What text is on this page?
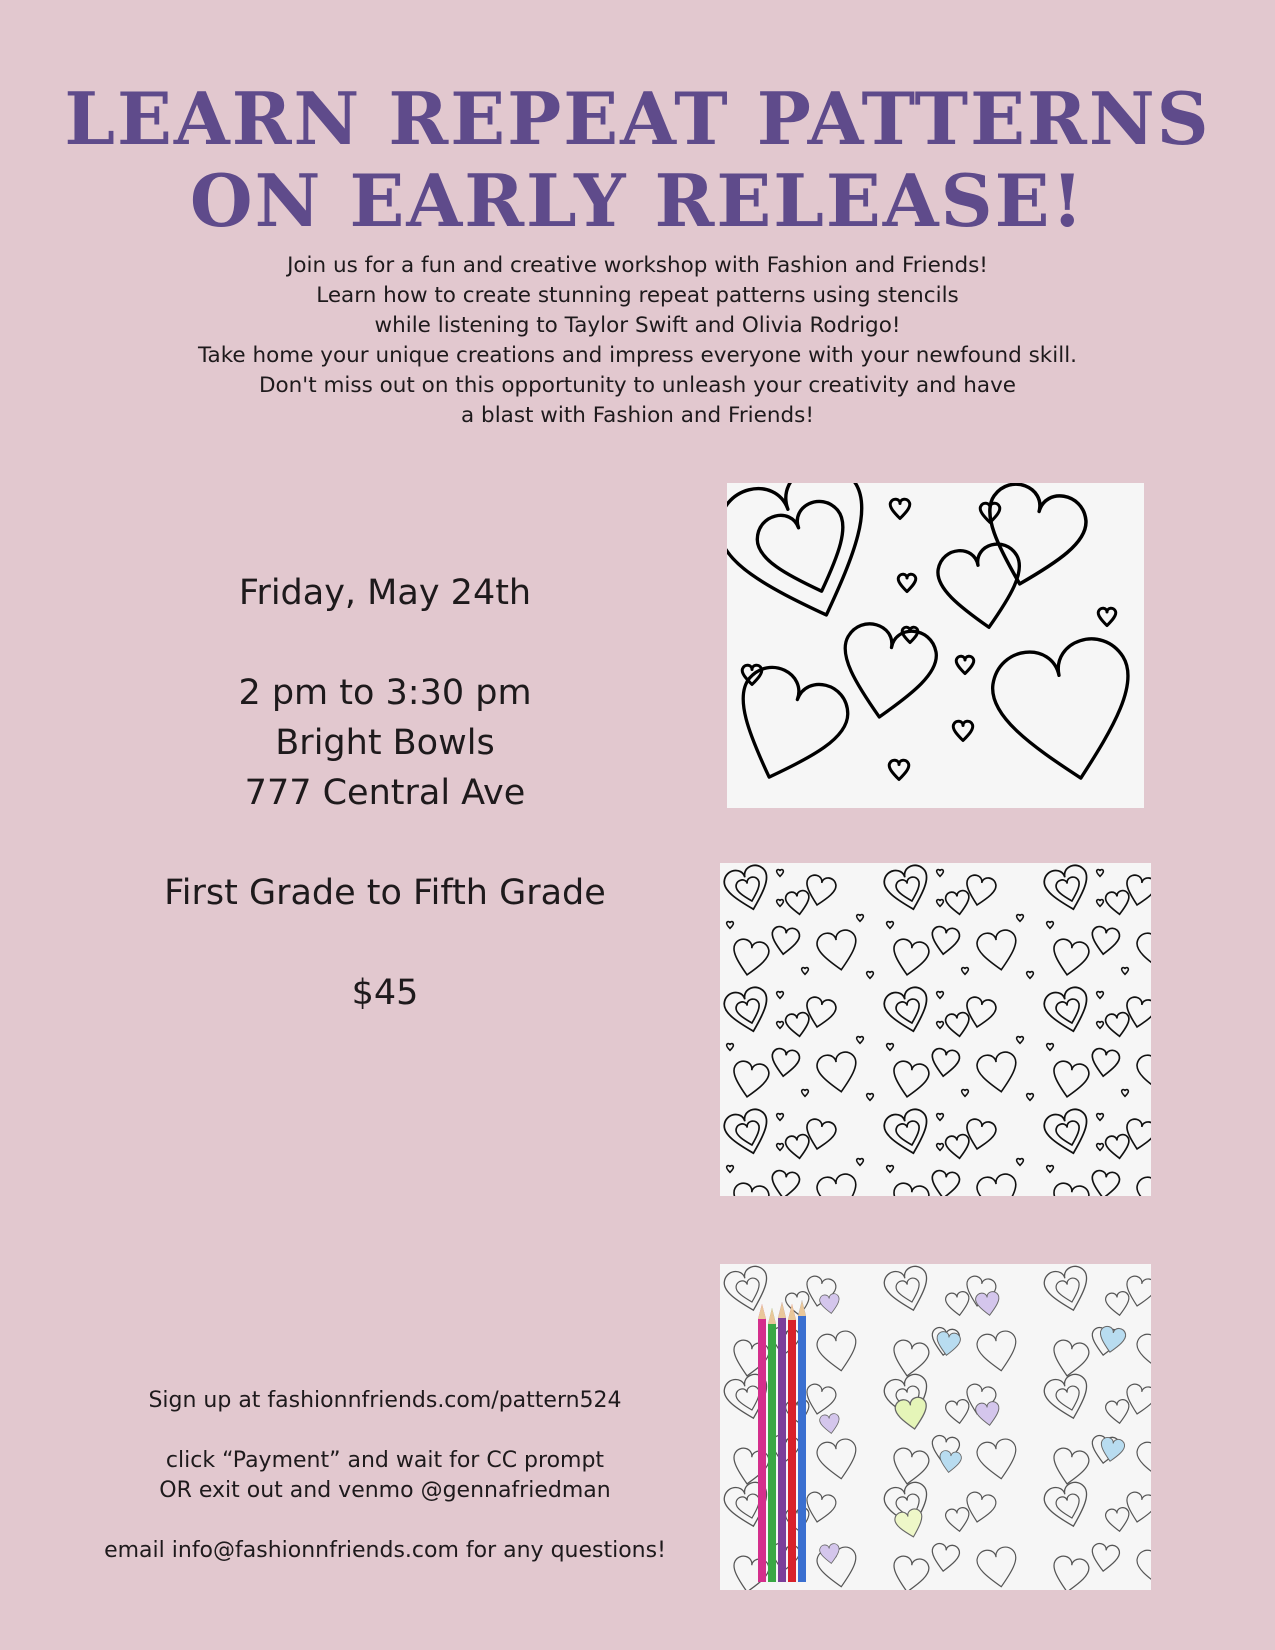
LEARN REPEAT PATTERNS
ON EARLY RELEASE!
Join us for a fun and creative workshop with Fashion and Friends!
Learn how to create stunning repeat patterns using stencils
while listening to Taylor Swift and Olivia Rodrigo!
Take home your unique creations and impress everyone with your newfound skill.
Don't miss out on this opportunity to unleash your creativity and have
a blast with Fashion and Friends!
Friday, May 24th
2 pm to 3:30 pm
Bright Bowls
777 Central Ave
First Grade to Fifth Grade
$45
Sign up at fashionnfriends.com/pattern524

click “Payment” and wait for CC prompt
OR exit out and venmo @gennafriedman

email info@fashionnfriends.com for any questions!
